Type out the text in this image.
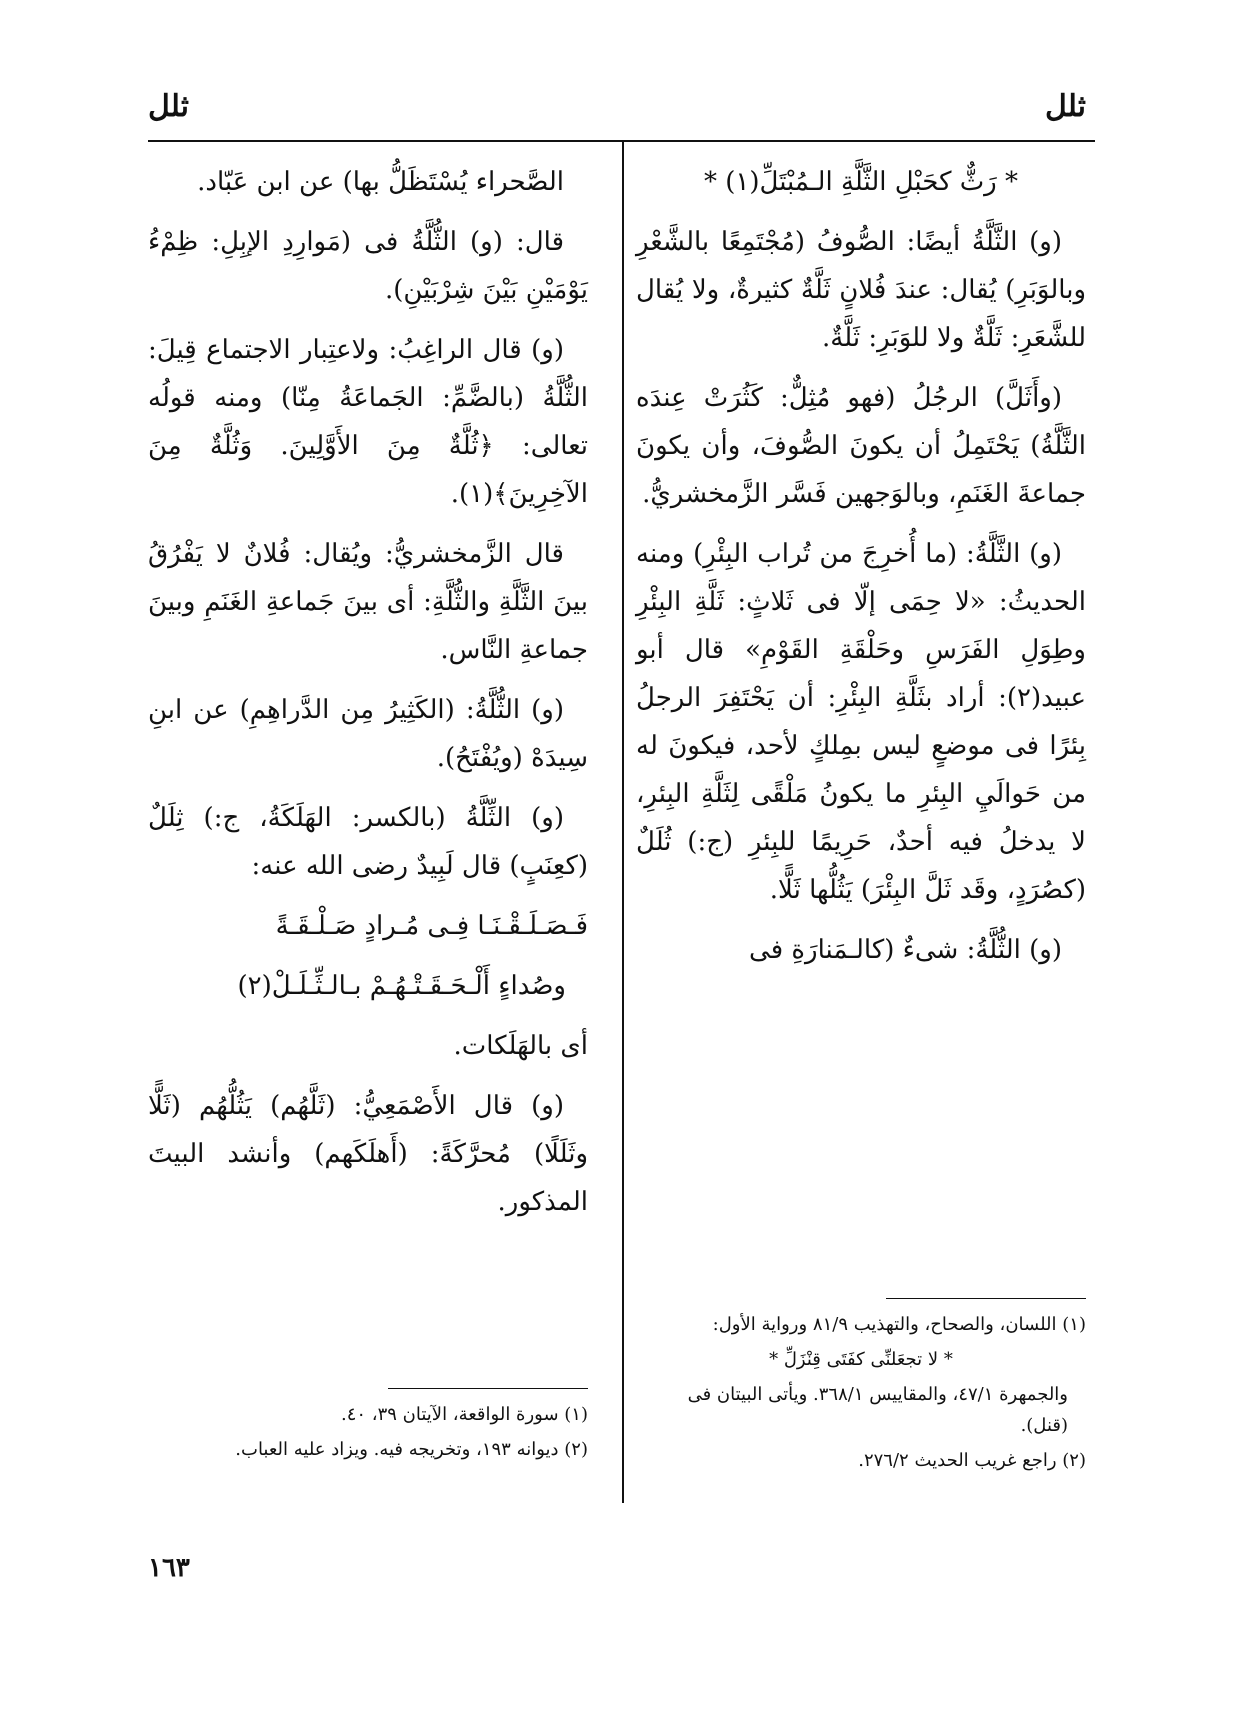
ثلل
ثلل

* رَثٌّ كحَبْلِ الثَّلَّةِ الـمُبْتَلِّ(١) *

(و) الثَّلَّةُ أيضًا: الصُّوفُ (مُجْتَمِعًا بالشَّعْرِ وبالوَبَرِ) يُقال: عندَ فُلانٍ ثَلَّةٌ كثيرةٌ، ولا يُقال للشَّعَرِ: ثَلَّةٌ ولا للوَبَرِ: ثَلَّةٌ.

(وأَثَلَّ) الرجُلُ (فهو مُثِلٌّ: كَثُرَتْ عِندَه الثَّلَّةُ) يَحْتَمِلُ أن يكونَ الصُّوفَ، وأن يكونَ جماعةَ الغَنَمِ، وبالوَجهين فَسَّر الزَّمخشريُّ.

(و) الثَّلَّةُ: (ما أُخرِجَ من تُراب البِئْرِ) ومنه الحديثُ: «لا حِمَى إلّا فى ثَلاثٍ: ثَلَّةِ البِئْرِ وطِوَلِ الفَرَسِ وحَلْقَةِ القَوْمِ» قال أبو عبيد(٢): أراد بثَلَّةِ البِئْرِ: أن يَحْتَفِرَ الرجلُ بِئرًا فى موضعٍ ليس بمِلكٍ لأحد، فيكونَ له من حَوالَيِ البِئرِ ما يكونُ مَلْقًى لِثَلَّةِ البِئرِ، لا يدخلُ فيه أحدٌ، حَرِيمًا للبِئرِ (ج:) ثُلَلٌ (كصُرَدٍ، وقَد ثَلَّ البِئْرَ) يَثُلُّها ثَلًّا.

(و) الثُّلَّةُ: شىءٌ (كالـمَنارَةِ فى

الصَّحراء يُسْتَظَلُّ بها) عن ابن عَبّاد.

قال: (و) الثُّلَّةُ فى (مَوارِدِ الإبِلِ: ظِمْءُ يَوْمَيْنِ بَيْنَ شِرْبَيْنِ).

(و) قال الراغِبُ: ولاعتِبار الاجتماع قِيلَ: الثُّلَّةُ (بالضَّمِّ: الجَماعَةُ مِنّا) ومنه قولُه تعالى: ﴿ثُلَّةٌ مِنَ الأَوَّلِينَ. وَثُلَّةٌ مِنَ الآخِرِينَ﴾(١).

قال الزَّمخشريُّ: ويُقال: فُلانٌ لا يَفْرُقُ بينَ الثَّلَّةِ والثُّلَّةِ: أى بينَ جَماعةِ الغَنَمِ وبينَ جماعةِ النَّاس.

(و) الثُّلَّةُ: (الكَثِيرُ مِن الدَّراهِمِ) عن ابنِ سِيدَهْ (ويُفْتَحُ).

(و) الثِّلَّةُ (بالكسر: الهَلَكَةُ، ج:) ثِلَلٌ (كعِنَبٍ) قال لَبِيدٌ رضى الله عنه:

فَـصَـلَـقْـنَـا فِـى مُـرادٍ صَـلْـقَـةً

وصُداءٍ أَلْـحَـقَـتْـهُـمْ بـالـثِّـلَـلْ(٢)

أى بالهَلَكات.

(و) قال الأَصْمَعِيُّ: (ثَلَّهُم) يَثُلُّهُم (ثَلًّا وثَلَلًا) مُحرَّكَةً: (أَهلَكَهم) وأنشد البيتَ المذكور.

(١) اللسان، والصحاح، والتهذيب ٨١/٩ ورواية الأول:

* لا تجعَلنِّى كفَتَى قِنْزَلِّ *

والجمهرة ٤٧/١، والمقاييس ٣٦٨/١. ويأتى البيتان فى (قنل).

(٢) راجع غريب الحديث ٢٧٦/٢.

(١) سورة الواقعة، الآيتان ٣٩، ٤٠.

(٢) ديوانه ١٩٣، وتخريجه فيه. ويزاد عليه العباب.

١٦٣
